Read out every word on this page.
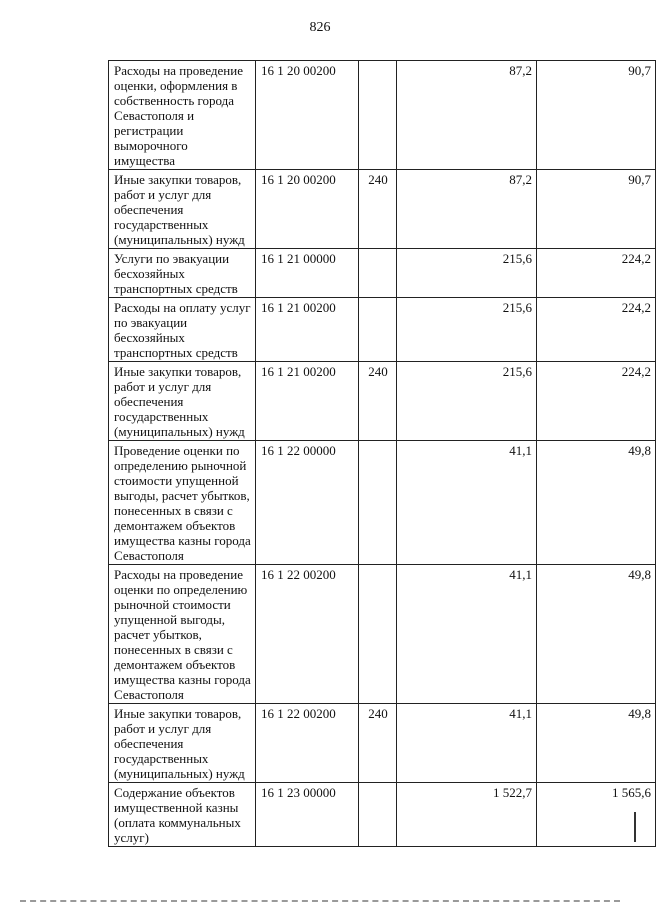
826
Расходы на проведение оценки, оформления в собственность города Севастополя и регистрации выморочного имущества	16 1 20 00200		87,2	90,7
Иные закупки товаров, работ и услуг для обеспечения государственных (муниципальных) нужд	16 1 20 00200	240	87,2	90,7
Услуги по эвакуации бесхозяйных транспортных средств	16 1 21 00000		215,6	224,2
Расходы на оплату услуг по эвакуации бесхозяйных транспортных средств	16 1 21 00200		215,6	224,2
Иные закупки товаров, работ и услуг для обеспечения государственных (муниципальных) нужд	16 1 21 00200	240	215,6	224,2
Проведение оценки по определению рыночной стоимости упущенной выгоды, расчет убытков, понесенных в связи с демонтажем объектов имущества казны города Севастополя	16 1 22 00000		41,1	49,8
Расходы на проведение оценки по определению рыночной стоимости упущенной выгоды, расчет убытков, понесенных в связи с демонтажем объектов имущества казны города Севастополя	16 1 22 00200		41,1	49,8
Иные закупки товаров, работ и услуг для обеспечения государственных (муниципальных) нужд	16 1 22 00200	240	41,1	49,8
Содержание объектов имущественной казны (оплата коммунальных услуг)	16 1 23 00000		1 522,7	1 565,6
